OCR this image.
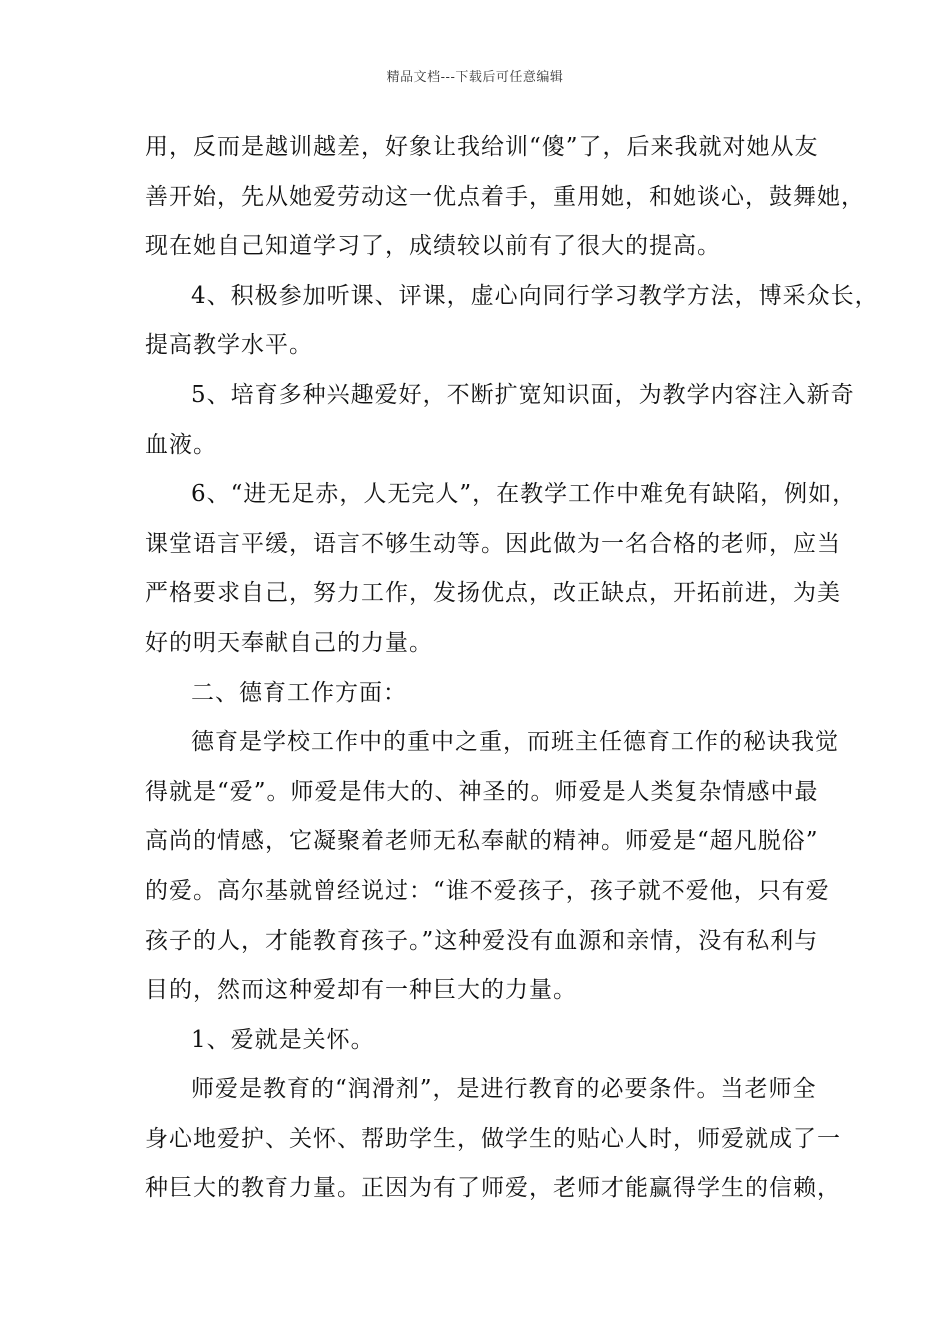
精品文档---下载后可任意编辑
用，反而是越训越差，好象让我给训“傻”了，后来我就对她从友
善开始，先从她爱劳动这一优点着手，重用她，和她谈心，鼓舞她，
现在她自己知道学习了，成绩较以前有了很大的提高。
4、积极参加听课、评课，虚心向同行学习教学方法，博采众长，
提高教学水平。
5、培育多种兴趣爱好，不断扩宽知识面，为教学内容注入新奇
血液。
6、“进无足赤，人无完人”，在教学工作中难免有缺陷，例如，
课堂语言平缓，语言不够生动等。因此做为一名合格的老师，应当
严格要求自己，努力工作，发扬优点，改正缺点，开拓前进，为美
好的明天奉献自己的力量。
二、德育工作方面：
德育是学校工作中的重中之重，而班主任德育工作的秘诀我觉
得就是“爱”。师爱是伟大的、神圣的。师爱是人类复杂情感中最
高尚的情感，它凝聚着老师无私奉献的精神。师爱是“超凡脱俗”
的爱。高尔基就曾经说过：“谁不爱孩子，孩子就不爱他，只有爱
孩子的人，才能教育孩子。”这种爱没有血源和亲情，没有私利与
目的，然而这种爱却有一种巨大的力量。
1、爱就是关怀。
师爱是教育的“润滑剂”，是进行教育的必要条件。当老师全
身心地爱护、关怀、帮助学生，做学生的贴心人时，师爱就成了一
种巨大的教育力量。正因为有了师爱，老师才能赢得学生的信赖，
